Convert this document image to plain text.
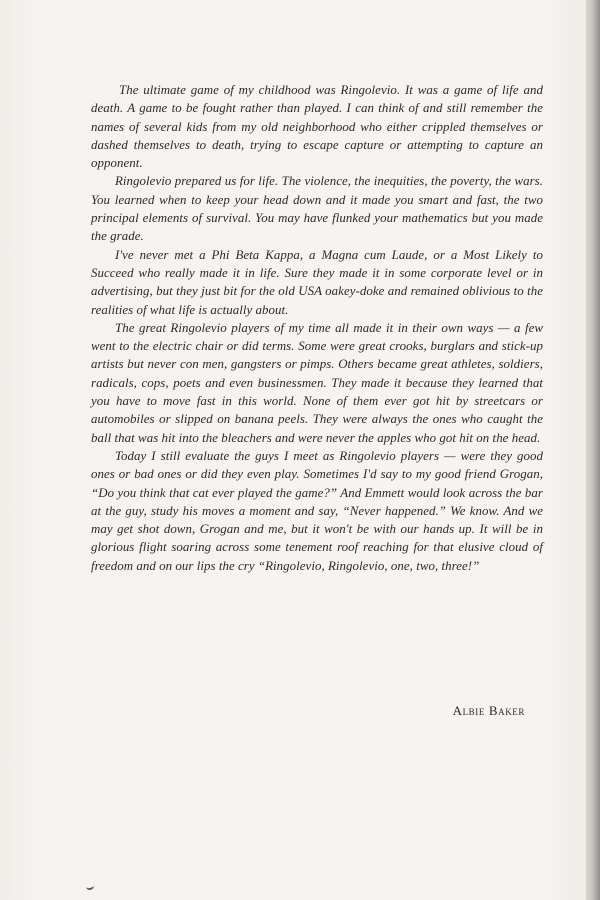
The ultimate game of my childhood was Ringolevio. It was a game of life and death. A game to be fought rather than played. I can think of and still remember the names of several kids from my old neighborhood who either crippled themselves or dashed themselves to death, trying to escape capture or attempting to capture an opponent.

Ringolevio prepared us for life. The violence, the inequities, the poverty, the wars. You learned when to keep your head down and it made you smart and fast, the two principal elements of survival. You may have flunked your mathematics but you made the grade.

I've never met a Phi Beta Kappa, a Magna cum Laude, or a Most Likely to Succeed who really made it in life. Sure they made it in some corporate level or in advertising, but they just bit for the old USA oakey-doke and remained oblivious to the realities of what life is actually about.

The great Ringolevio players of my time all made it in their own ways — a few went to the electric chair or did terms. Some were great crooks, burglars and stick-up artists but never con men, gangsters or pimps. Others became great athletes, soldiers, radicals, cops, poets and even businessmen. They made it because they learned that you have to move fast in this world. None of them ever got hit by streetcars or automobiles or slipped on banana peels. They were always the ones who caught the ball that was hit into the bleachers and were never the apples who got hit on the head.

Today I still evaluate the guys I meet as Ringolevio players — were they good ones or bad ones or did they even play. Sometimes I'd say to my good friend Grogan, “Do you think that cat ever played the game?” And Emmett would look across the bar at the guy, study his moves a moment and say, “Never happened.” We know. And we may get shot down, Grogan and me, but it won't be with our hands up. It will be in glorious flight soaring across some tenement roof reaching for that elusive cloud of freedom and on our lips the cry “Ringolevio, Ringolevio, one, two, three!”

Albie Baker
